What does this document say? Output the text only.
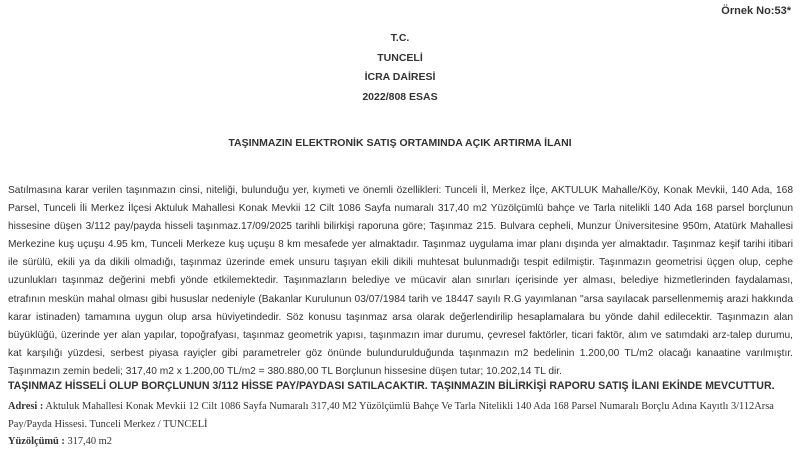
Örnek No:53*
T.C.
TUNCELİ
İCRA DAİRESİ
2022/808 ESAS
TAŞINMAZIN ELEKTRONİK SATIŞ ORTAMINDA AÇIK ARTIRMA İLANI

Satılmasına karar verilen taşınmazın cinsi, niteliği, bulunduğu yer, kıymeti ve önemli özellikleri: Tunceli İl, Merkez İlçe, AKTULUK Mahalle/Köy, Konak Mevkii, 140 Ada, 168 Parsel, Tunceli İli Merkez İlçesi Aktuluk Mahallesi Konak Mevkii 12 Cilt 1086 Sayfa numaralı 317,40 m2 Yüzölçümlü bahçe ve Tarla nitelikli 140 Ada 168 parsel borçlunun hissesine düşen 3/112 pay/payda hisseli taşınmaz.17/09/2025 tarihli bilirkişi raporuna göre; Taşınmaz 215. Bulvara cepheli, Munzur Üniversitesine 950m, Atatürk Mahallesi Merkezine kuş uçuşu 4.95 km, Tunceli Merkeze kuş uçuşu 8 km mesafede yer almaktadır. Taşınmaz uygulama imar planı dışında yer almaktadır. Taşınmaz keşif tarihi itibari ile sürülü, ekili ya da dikili olmadığı, taşınmaz üzerinde emek unsuru taşıyan ekili dikili muhtesat bulunmadığı tespit edilmiştir. Taşınmazın geometrisi üçgen olup, cephe uzunlukları taşınmaz değerini mebfi yönde etkilemektedir. Taşınmazların belediye ve mücavir alan sınırları içerisinde yer alması, belediye hizmetlerinden faydalaması, etrafının meskün mahal olması gibi hususlar nedeniyle (Bakanlar Kurulunun 03/07/1984 tarih ve 18447 sayılı R.G yayımlanan "arsa sayılacak parsellenmemiş arazi hakkında karar istinaden) tamamına uygun olup arsa hüviyetindedir. Söz konusu taşınmaz arsa olarak değerlendirilip hesaplamalara bu yönde dahil edilecektir. Taşınmazın alan büyüklüğü, üzerinde yer alan yapılar, topoğrafyası, taşınmaz geometrik yapısı, taşınmazın imar durumu, çevresel faktörler, ticari faktör, alım ve satımdaki arz-talep durumu, kat karşılığı yüzdesi, serbest piyasa rayiçler gibi parametreler göz önünde bulundurulduğunda taşınmazın m2 bedelinin 1.200,00 TL/m2 olacağı kanaatine varılmıştır. Taşınmazın zemin bedeli; 317,40 m2 x 1.200,00 TL/m2 = 380.880,00 TL Borçlunun hissesine düşen tutar; 10.202,14 TL dir.

TAŞINMAZ HİSSELİ OLUP BORÇLUNUN 3/112 HİSSE PAY/PAYDASI SATILACAKTIR. TAŞINMAZIN BİLİRKİŞİ RAPORU SATIŞ İLANI EKİNDE MEVCUTTUR.

Adresi : Aktuluk Mahallesi Konak Mevkii 12 Cilt 1086 Sayfa Numaralı 317,40 M2 Yüzölçümlü Bahçe Ve Tarla Nitelikli 140 Ada 168 Parsel Numaralı Borçlu Adına Kayıtlı 3/112Arsa Pay/Payda Hissesi. Tunceli Merkez / TUNCELİ

Yüzölçümü : 317,40 m2
